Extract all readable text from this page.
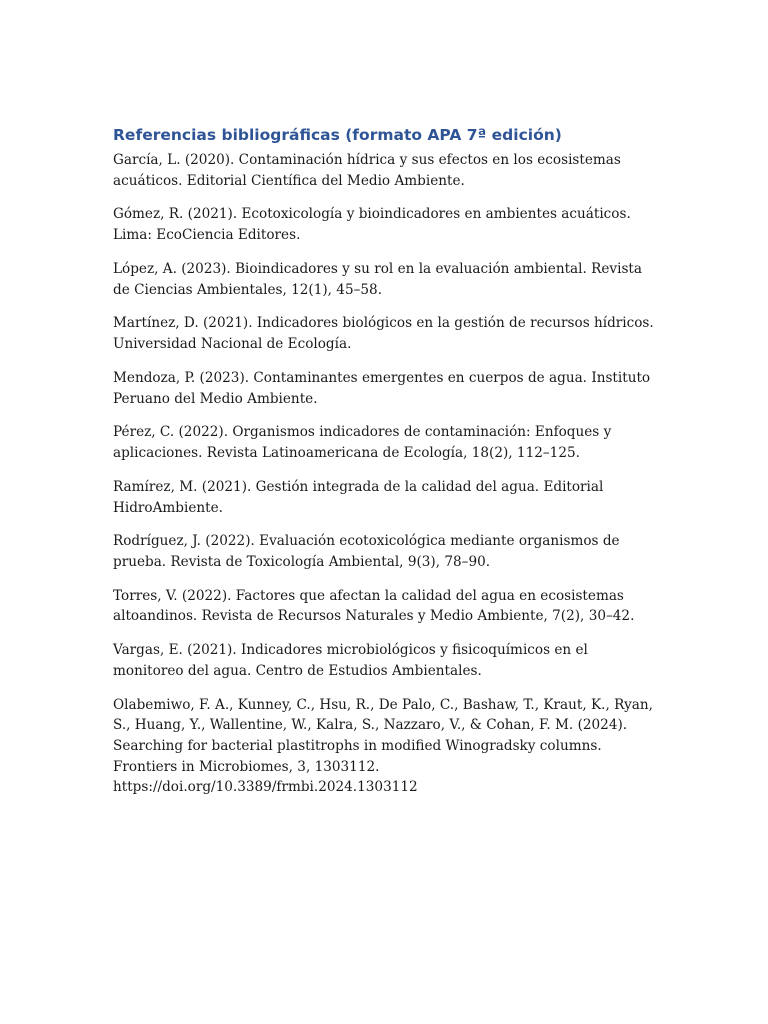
Referencias bibliográficas (formato APA 7ª edición)
García, L. (2020). Contaminación hídrica y sus efectos en los ecosistemas acuáticos. Editorial Científica del Medio Ambiente.
Gómez, R. (2021). Ecotoxicología y bioindicadores en ambientes acuáticos. Lima: EcoCiencia Editores.
López, A. (2023). Bioindicadores y su rol en la evaluación ambiental. Revista de Ciencias Ambientales, 12(1), 45–58.
Martínez, D. (2021). Indicadores biológicos en la gestión de recursos hídricos. Universidad Nacional de Ecología.
Mendoza, P. (2023). Contaminantes emergentes en cuerpos de agua. Instituto Peruano del Medio Ambiente.
Pérez, C. (2022). Organismos indicadores de contaminación: Enfoques y aplicaciones. Revista Latinoamericana de Ecología, 18(2), 112–125.
Ramírez, M. (2021). Gestión integrada de la calidad del agua. Editorial HidroAmbiente.
Rodríguez, J. (2022). Evaluación ecotoxicológica mediante organismos de prueba. Revista de Toxicología Ambiental, 9(3), 78–90.
Torres, V. (2022). Factores que afectan la calidad del agua en ecosistemas altoandinos. Revista de Recursos Naturales y Medio Ambiente, 7(2), 30–42.
Vargas, E. (2021). Indicadores microbiológicos y fisicoquímicos en el monitoreo del agua. Centro de Estudios Ambientales.
Olabemiwo, F. A., Kunney, C., Hsu, R., De Palo, C., Bashaw, T., Kraut, K., Ryan, S., Huang, Y., Wallentine, W., Kalra, S., Nazzaro, V., & Cohan, F. M. (2024). Searching for bacterial plastitrophs in modified Winogradsky columns. Frontiers in Microbiomes, 3, 1303112. https://doi.org/10.3389/frmbi.2024.1303112
